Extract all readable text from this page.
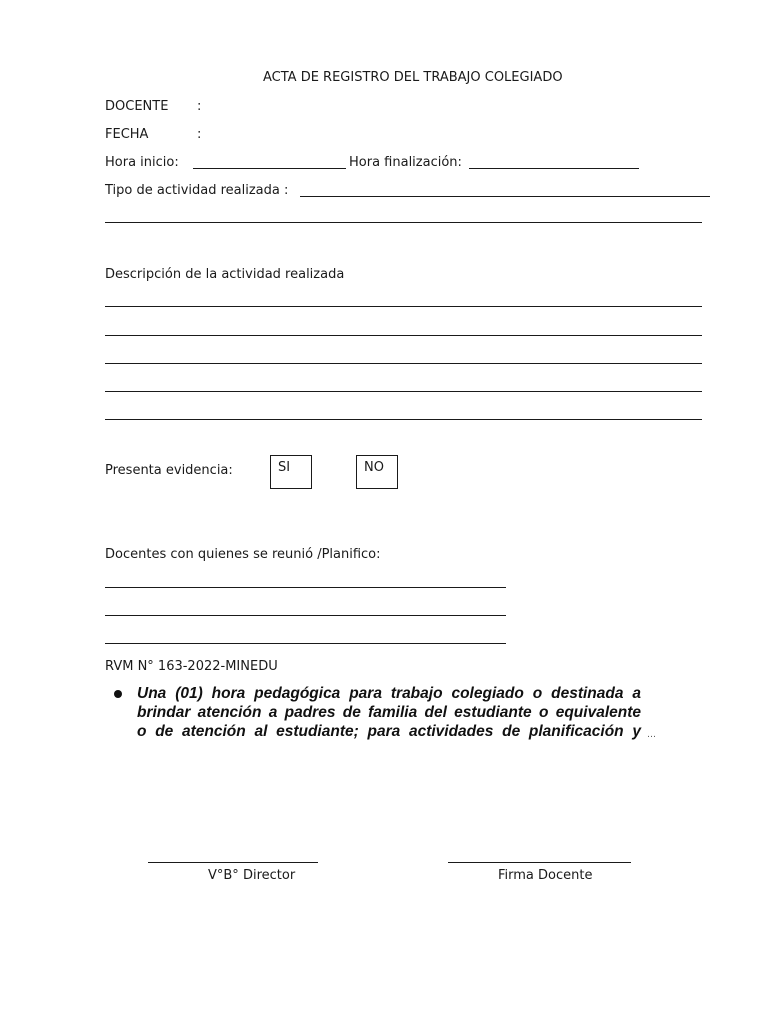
ACTA DE REGISTRO DEL TRABAJO COLEGIADO
DOCENTE :
FECHA	:
Hora inicio:	Hora finalización:
Tipo de actividad realizada :
Descripción de la actividad realizada
Presenta evidencia:	SI	NO
Docentes con quienes se reunió /Planifico:
RVM N° 163-2022-MINEDU
Una (01) hora pedagógica para trabajo colegiado o destinada a
brindar atención a padres de familia del estudiante o equivalente
o de atención al estudiante; para actividades de planificación y …
V°B° Director	Firma Docente
